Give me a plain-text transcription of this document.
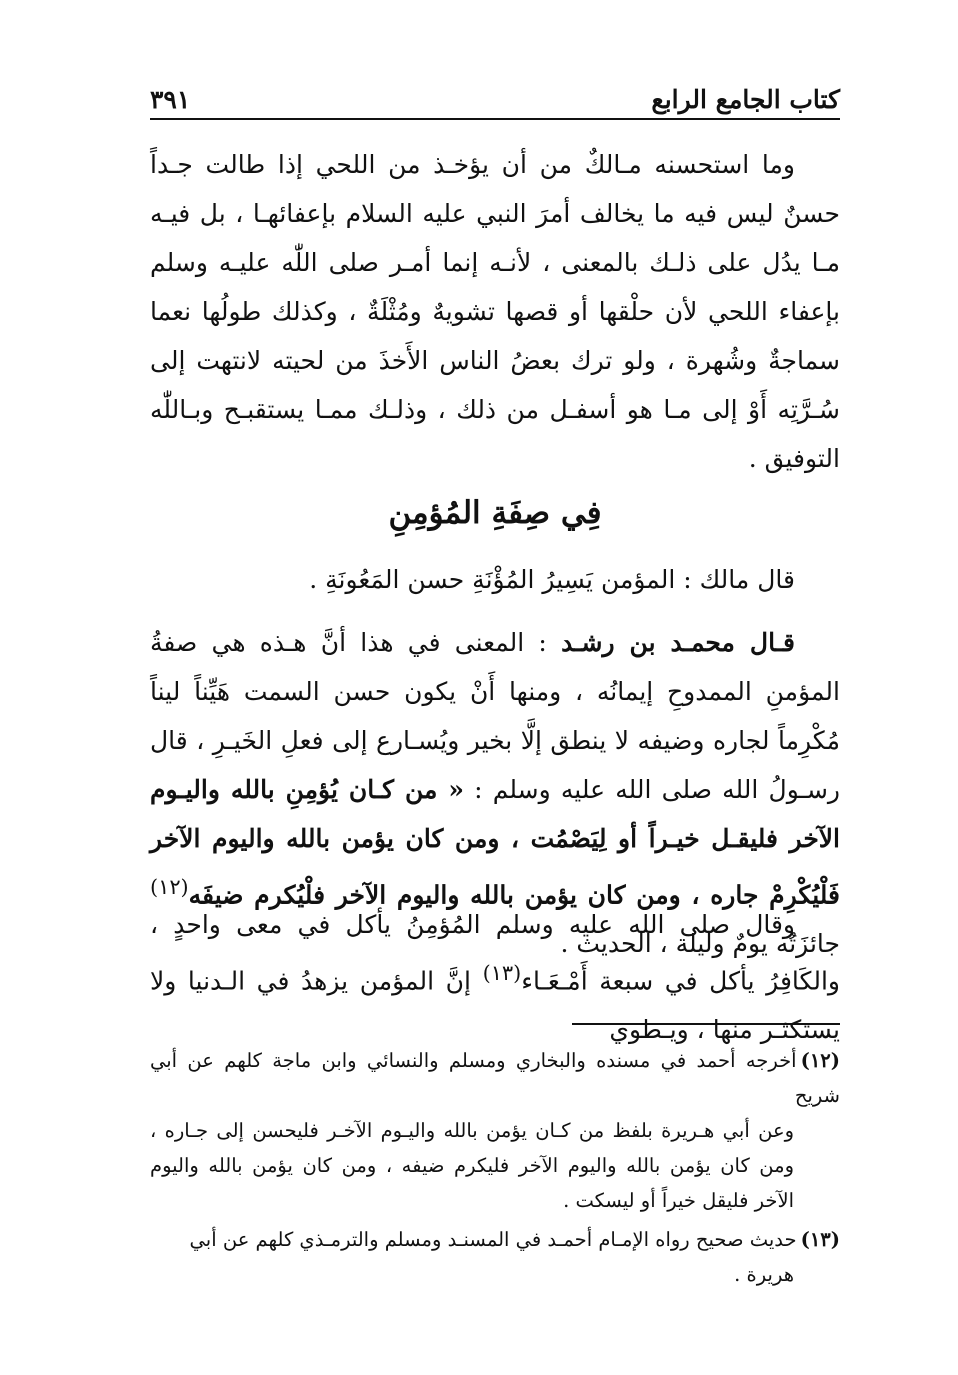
كتاب الجامع الرابع
٣٩١

وما استحسنه مـالكٌ من أن يؤخـذ من اللحي إذا طالت جـداً حسنٌ ليس فيه ما يخالف أمرَ النبي عليه السلام بإعفائهـا ، بل فيـه مـا يدُل على ذلـك بالمعنى ، لأنـه إنما أمـر صلى اللّٰه عليـه وسلم بإعفاء اللحي لأن حلْقها أو قصها تشويهٌ ومُثْلَةٌ ، وكذلك طولُها نعما سماجةٌ وشُهرة ، ولو ترك بعضُ الناس الأَخذَ من لحيته لانتهت إلى سُـرَّتِه أَوْ إلى مـا هو أسفـل من ذلك ، وذلـك ممـا يستقبـح وبـاللّٰه التوفيق .

فِي صِفَةِ المُؤمِنِ

قال مالك : المؤمن يَسِيرُ المُؤْنَةِ حسن المَعُونَةِ .

قـال محمـد بن رشـد : المعنى في هذا أنَّ هـذه هي صفةُ المؤمنِ الممدوحِ إيمانُه ، ومنها أَنْ يكون حسن السمت هَيِّناً ليناً مُكْرِماً لجاره وضيفه لا ينطق إلَّا بخير ويُسـارع إلى فعلِ الخَيـرِ ، قال رسـولُ الله صلى الله عليه وسلم : « من كـان يُؤمِنِ بالله واليـوم الآخر فليقـل خيـراً أو لِيَصْمُت ، ومن كان يؤمن بالله واليوم الآخر فَلْيُكْرِمْ جاره ، ومن كان يؤمن بالله واليوم الآخر فلْيُكرم ضيفَه$^{(١٢)}$ جائزَتُه يومٌ وليلة ، الحديث .

وقال صلى الله عليه وسلم المُؤمِنُ يأكل في معى واحدٍ ، والكَافِرُ يأكل في سبعة أَمْـعَـاء$^{(١٣)}$ إنَّ المؤمن يزهدُ في الـدنيا ولا يستكثـر منها ، ويـطوي

(١٢)أخرجه أحمد في مسنده والبخاري ومسلم والنسائي وابن ماجة كلهم عن أبي شريح
وعن أبي هـريرة بلفظ من كـان يؤمن بالله واليـوم الآخـر فليحسن إلى جـاره ، ومن كان يؤمن بالله واليوم الآخر فليكرم ضيفه ، ومن كان يؤمن بالله واليوم الآخر فليقل خيراً أو ليسكت .
(١٣)حديث صحيح رواه الإمـام أحمـد في المسنـد ومسلم والترمـذي كلهم عن أبي
هريرة .
